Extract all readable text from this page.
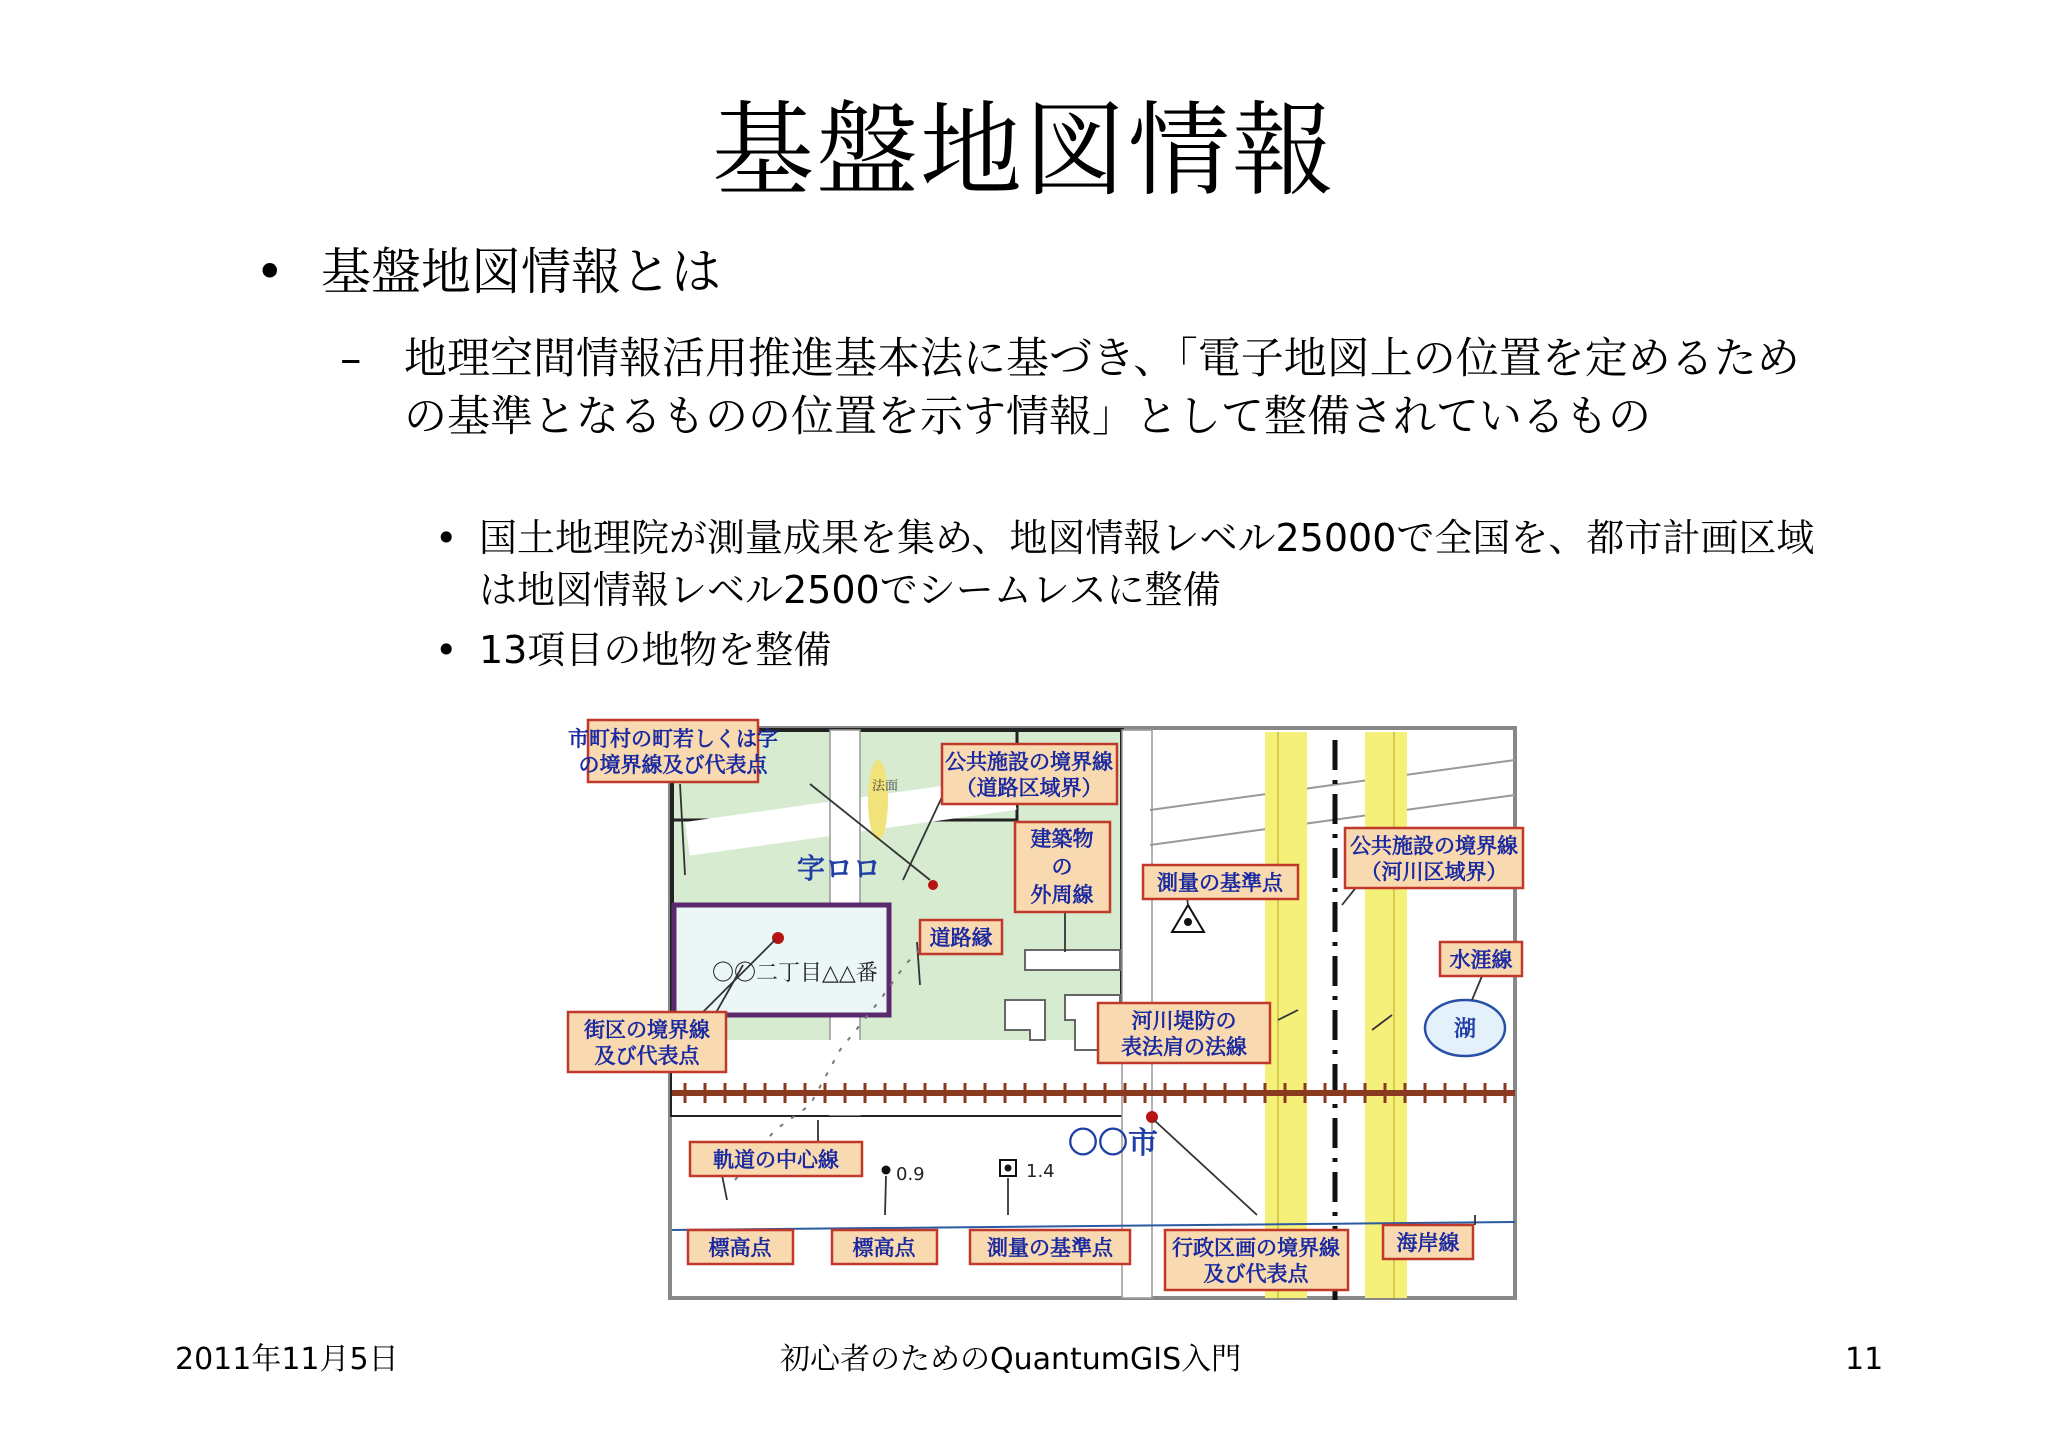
基盤地図情報
• 基盤地図情報とは
– 地理空間情報活用推進基本法に基づき、「電子地図上の位置を定めるための基準となるものの位置を示す情報」として整備されているもの
• 国土地理院が測量成果を集め、地図情報レベル25000で全国を、都市計画区域は地図情報レベル2500でシームレスに整備
• 13項目の地物を整備
法面
〇〇二丁目△△番
字ロロ
湖
〇〇市
0.9	1.4
市町村の町若しくは字
の境界線及び代表点	公共施設の境界線
（道路区域界）
建築物
の
外周線
道路縁
測量の基準点
公共施設の境界線
（河川区域界）
水涯線
街区の境界線
及び代表点
河川堤防の
表法肩の法線
軌道の中心線
標高点	標高点	測量の基準点	行政区画の境界線
及び代表点
海岸線
2011年11月5日	初心者のためのQuantumGIS入門	11
